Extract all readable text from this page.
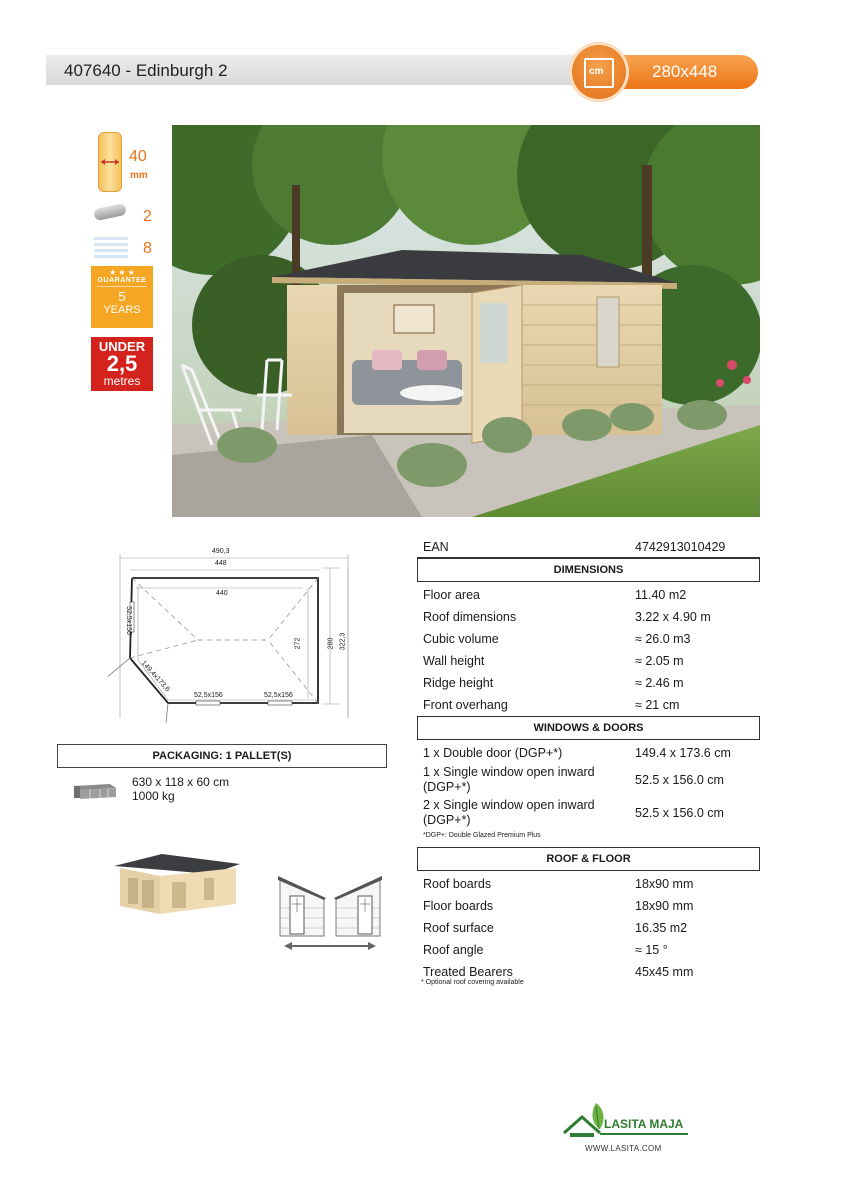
407640 - Edinburgh 2	280x448
cm
40
mm
2
8
★ ★ ★
GUARANTEE
5
YEARS
UNDER
2,5
metres
490,3
448
440
272	280 322,3
52,5x156
149,4x173,6
52,5x156	52,5x156
PACKAGING: 1 PALLET(S)
630 x 118 x 60 cm
1000 kg
EAN	4742913010429
DIMENSIONS
Floor area	11.40 m2
Roof dimensions	3.22 x 4.90 m
Cubic volume	≈ 26.0 m3
Wall height	≈ 2.05 m
Ridge height	≈ 2.46 m
Front overhang	≈ 21 cm
WINDOWS & DOORS
1 x Double door (DGP+*)	149.4 x 173.6 cm
1 x Single window open inward (DGP+*)	52.5 x 156.0 cm
2 x Single window open inward (DGP+*)	52.5 x 156.0 cm
*DGP+: Double Glazed Premium Plus
ROOF & FLOOR
Roof boards	18x90 mm
Floor boards	18x90 mm
Roof surface	16.35 m2
Roof angle	≈ 15 °
Treated Bearers	45x45 mm
* Optional roof covering available
LASITA MAJA
WWW.LASITA.COM
